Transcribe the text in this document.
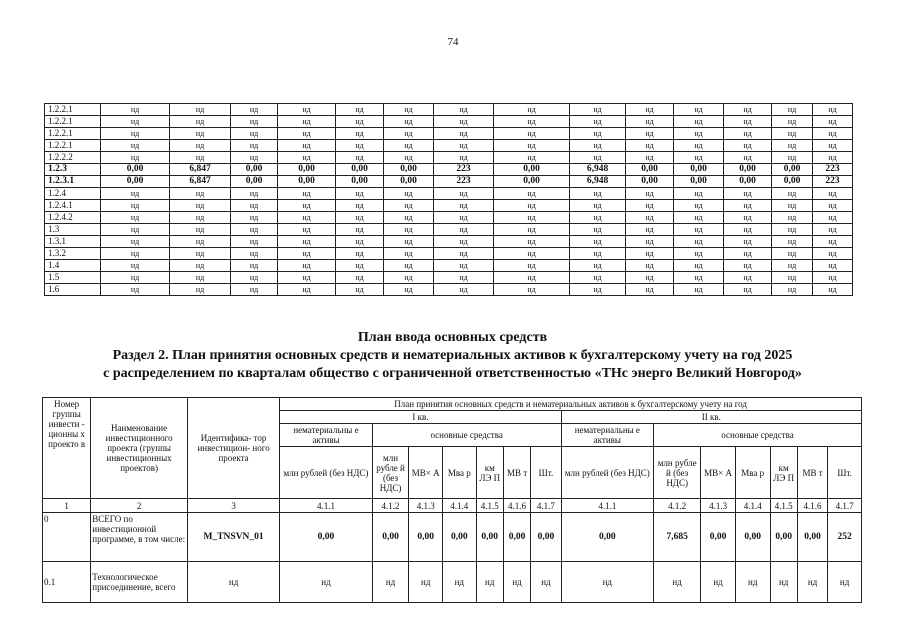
74
1.2.2.1	нд	нд	нд	нд	нд	нд	нд	нд	нд	нд	нд	нд	нд	нд
1.2.2.1	нд	нд	нд	нд	нд	нд	нд	нд	нд	нд	нд	нд	нд	нд
1.2.2.1	нд	нд	нд	нд	нд	нд	нд	нд	нд	нд	нд	нд	нд	нд
1.2.2.1	нд	нд	нд	нд	нд	нд	нд	нд	нд	нд	нд	нд	нд	нд
1.2.2.2	нд	нд	нд	нд	нд	нд	нд	нд	нд	нд	нд	нд	нд	нд
1.2.3	0,00	6,847	0,00	0,00	0,00	0,00	223	0,00	6,948	0,00	0,00	0,00	0,00	223
1.2.3.1	0,00	6,847	0,00	0,00	0,00	0,00	223	0,00	6,948	0,00	0,00	0,00	0,00	223
1.2.4	нд	нд	нд	нд	нд	нд	нд	нд	нд	нд	нд	нд	нд	нд
1.2.4.1	нд	нд	нд	нд	нд	нд	нд	нд	нд	нд	нд	нд	нд	нд
1.2.4.2	нд	нд	нд	нд	нд	нд	нд	нд	нд	нд	нд	нд	нд	нд
1.3	нд	нд	нд	нд	нд	нд	нд	нд	нд	нд	нд	нд	нд	нд
1.3.1	нд	нд	нд	нд	нд	нд	нд	нд	нд	нд	нд	нд	нд	нд
1.3.2	нд	нд	нд	нд	нд	нд	нд	нд	нд	нд	нд	нд	нд	нд
1.4	нд	нд	нд	нд	нд	нд	нд	нд	нд	нд	нд	нд	нд	нд
1.5	нд	нд	нд	нд	нд	нд	нд	нд	нд	нд	нд	нд	нд	нд
1.6	нд	нд	нд	нд	нд	нд	нд	нд	нд	нд	нд	нд	нд	нд
План ввода основных средств
Раздел 2. План принятия основных средств и нематериальных активов к бухгалтерскому учету на год 2025
с распределением по кварталам общество с ограниченной ответственностью «ТНс энерго Великий Новгород»
Номер группы инвести - ционны х проекто в	Наименование инвестиционного проекта (группы инвестиционных проектов)	Идентифика- тор инвестицион- ного проекта	План принятия основных средств и нематериальных активов к бухгалтерскому учету на год													
			I кв.							II кв.						
			нематериальны е активы	основные средства						нематериальны е активы	основные средства					
			млн рублей (без НДС)	млн рубле й (без НДС)	МВ× А	Мва р	км ЛЭ П	МВ т	Шт.	млн рублей (без НДС)	млн рубле й (без НДС)	МВ× А	Мва р	км ЛЭ П	МВ т	Шт.
1	2	3	4.1.1	4.1.2	4.1.3	4.1.4	4.1.5	4.1.6	4.1.7	4.1.1	4.1.2	4.1.3	4.1.4	4.1.5	4.1.6	4.1.7
0	ВСЕГО по инвестиционной программе, в том числе:	M_TNSVN_01	0,00	0,00	0,00	0,00	0,00	0,00	0,00	0,00	7,685	0,00	0,00	0,00	0,00	252
0.1	Технологическое присоединение, всего	нд	нд	нд	нд	нд	нд	нд	нд	нд	нд	нд	нд	нд	нд	нд
